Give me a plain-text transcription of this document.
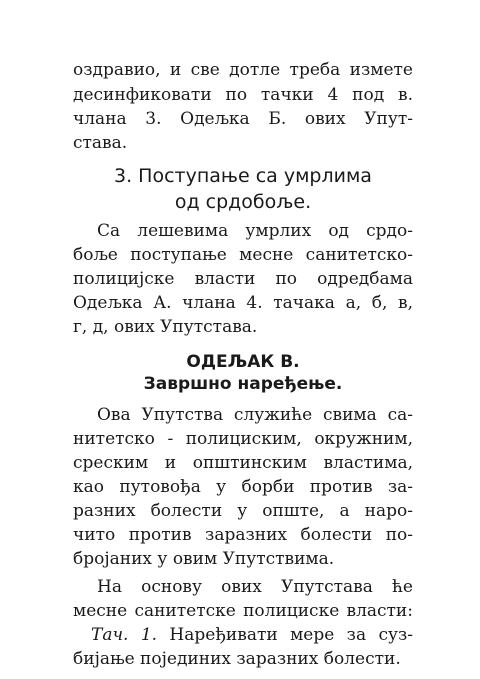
оздравио, и све дотле треба измете
десинфиковати по тачки 4 под в.
члана 3. Одељка Б. ових Упут-
става.
3. Поступање са умрлима
од срдобоље.
Са лешевима умрлих од срдо-
боље поступање месне санитетско-
полицијске власти по одредбама
Одељка А. члана 4. тачака а, б, в,
г, д, ових Упутстава.
ОДЕЉАК В.
Завршно наређење.
Ова Упутства служиће свима са-
нитетско - полициским, окружним,
среским и општинским властима,
као путовођа у борби против за-
разних болести у опште, а наро-
чито против заразних болести по-
бројаних у овим Упутствима.
На основу ових Упутстава ће
месне санитетске полициске власти:
Тач. 1. Наређивати мере за суз-
бијање појединих заразних болести.
